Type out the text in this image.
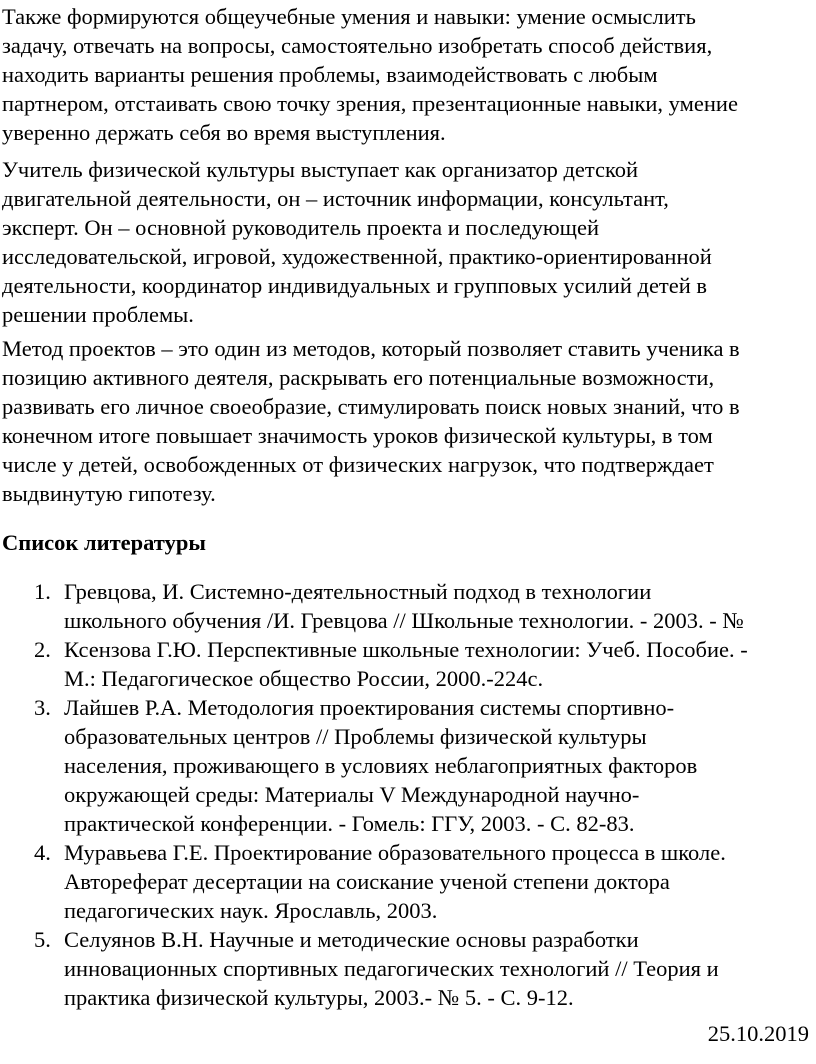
Также формируются общеучебные умения и навыки: умение осмыслить
задачу, отвечать на вопросы, самостоятельно изобретать способ действия,
находить варианты решения проблемы, взаимодействовать с любым
партнером, отстаивать свою точку зрения, презентационные навыки, умение
уверенно держать себя во время выступления.

Учитель физической культуры выступает как организатор детской
двигательной деятельности, он – источник информации, консультант,
эксперт. Он – основной руководитель проекта и последующей
исследовательской, игровой, художественной, практико-ориентированной
деятельности, координатор индивидуальных и групповых усилий детей в
решении проблемы.

Метод проектов – это один из методов, который позволяет ставить ученика в
позицию активного деятеля, раскрывать его потенциальные возможности,
развивать его личное своеобразие, стимулировать поиск новых знаний, что в
конечном итоге повышает значимость уроков физической культуры, в том
числе у детей, освобожденных от физических нагрузок, что подтверждает
выдвинутую гипотезу.

Список литературы
1. Гревцова, И. Системно-деятельностный подход в технологии
школьного обучения /И. Гревцова // Школьные технологии. - 2003. - №
2. Ксензова Г.Ю. Перспективные школьные технологии: Учеб. Пособие. -
М.: Педагогическое общество России, 2000.-224с.
3. Лайшев Р.А. Методология проектирования системы спортивно-
образовательных центров // Проблемы физической культуры
населения, проживающего в условиях неблагоприятных факторов
окружающей среды: Материалы V Международной научно-
практической конференции. - Гомель: ГГУ, 2003. - С. 82-83.
4. Муравьева Г.Е. Проектирование образовательного процесса в школе.
Автореферат десертации на соискание ученой степени доктора
педагогических наук. Ярославль, 2003.
5. Селуянов В.Н. Научные и методические основы разработки
инновационных спортивных педагогических технологий // Теория и
практика физической культуры, 2003.- № 5. - С. 9-12.
25.10.2019
